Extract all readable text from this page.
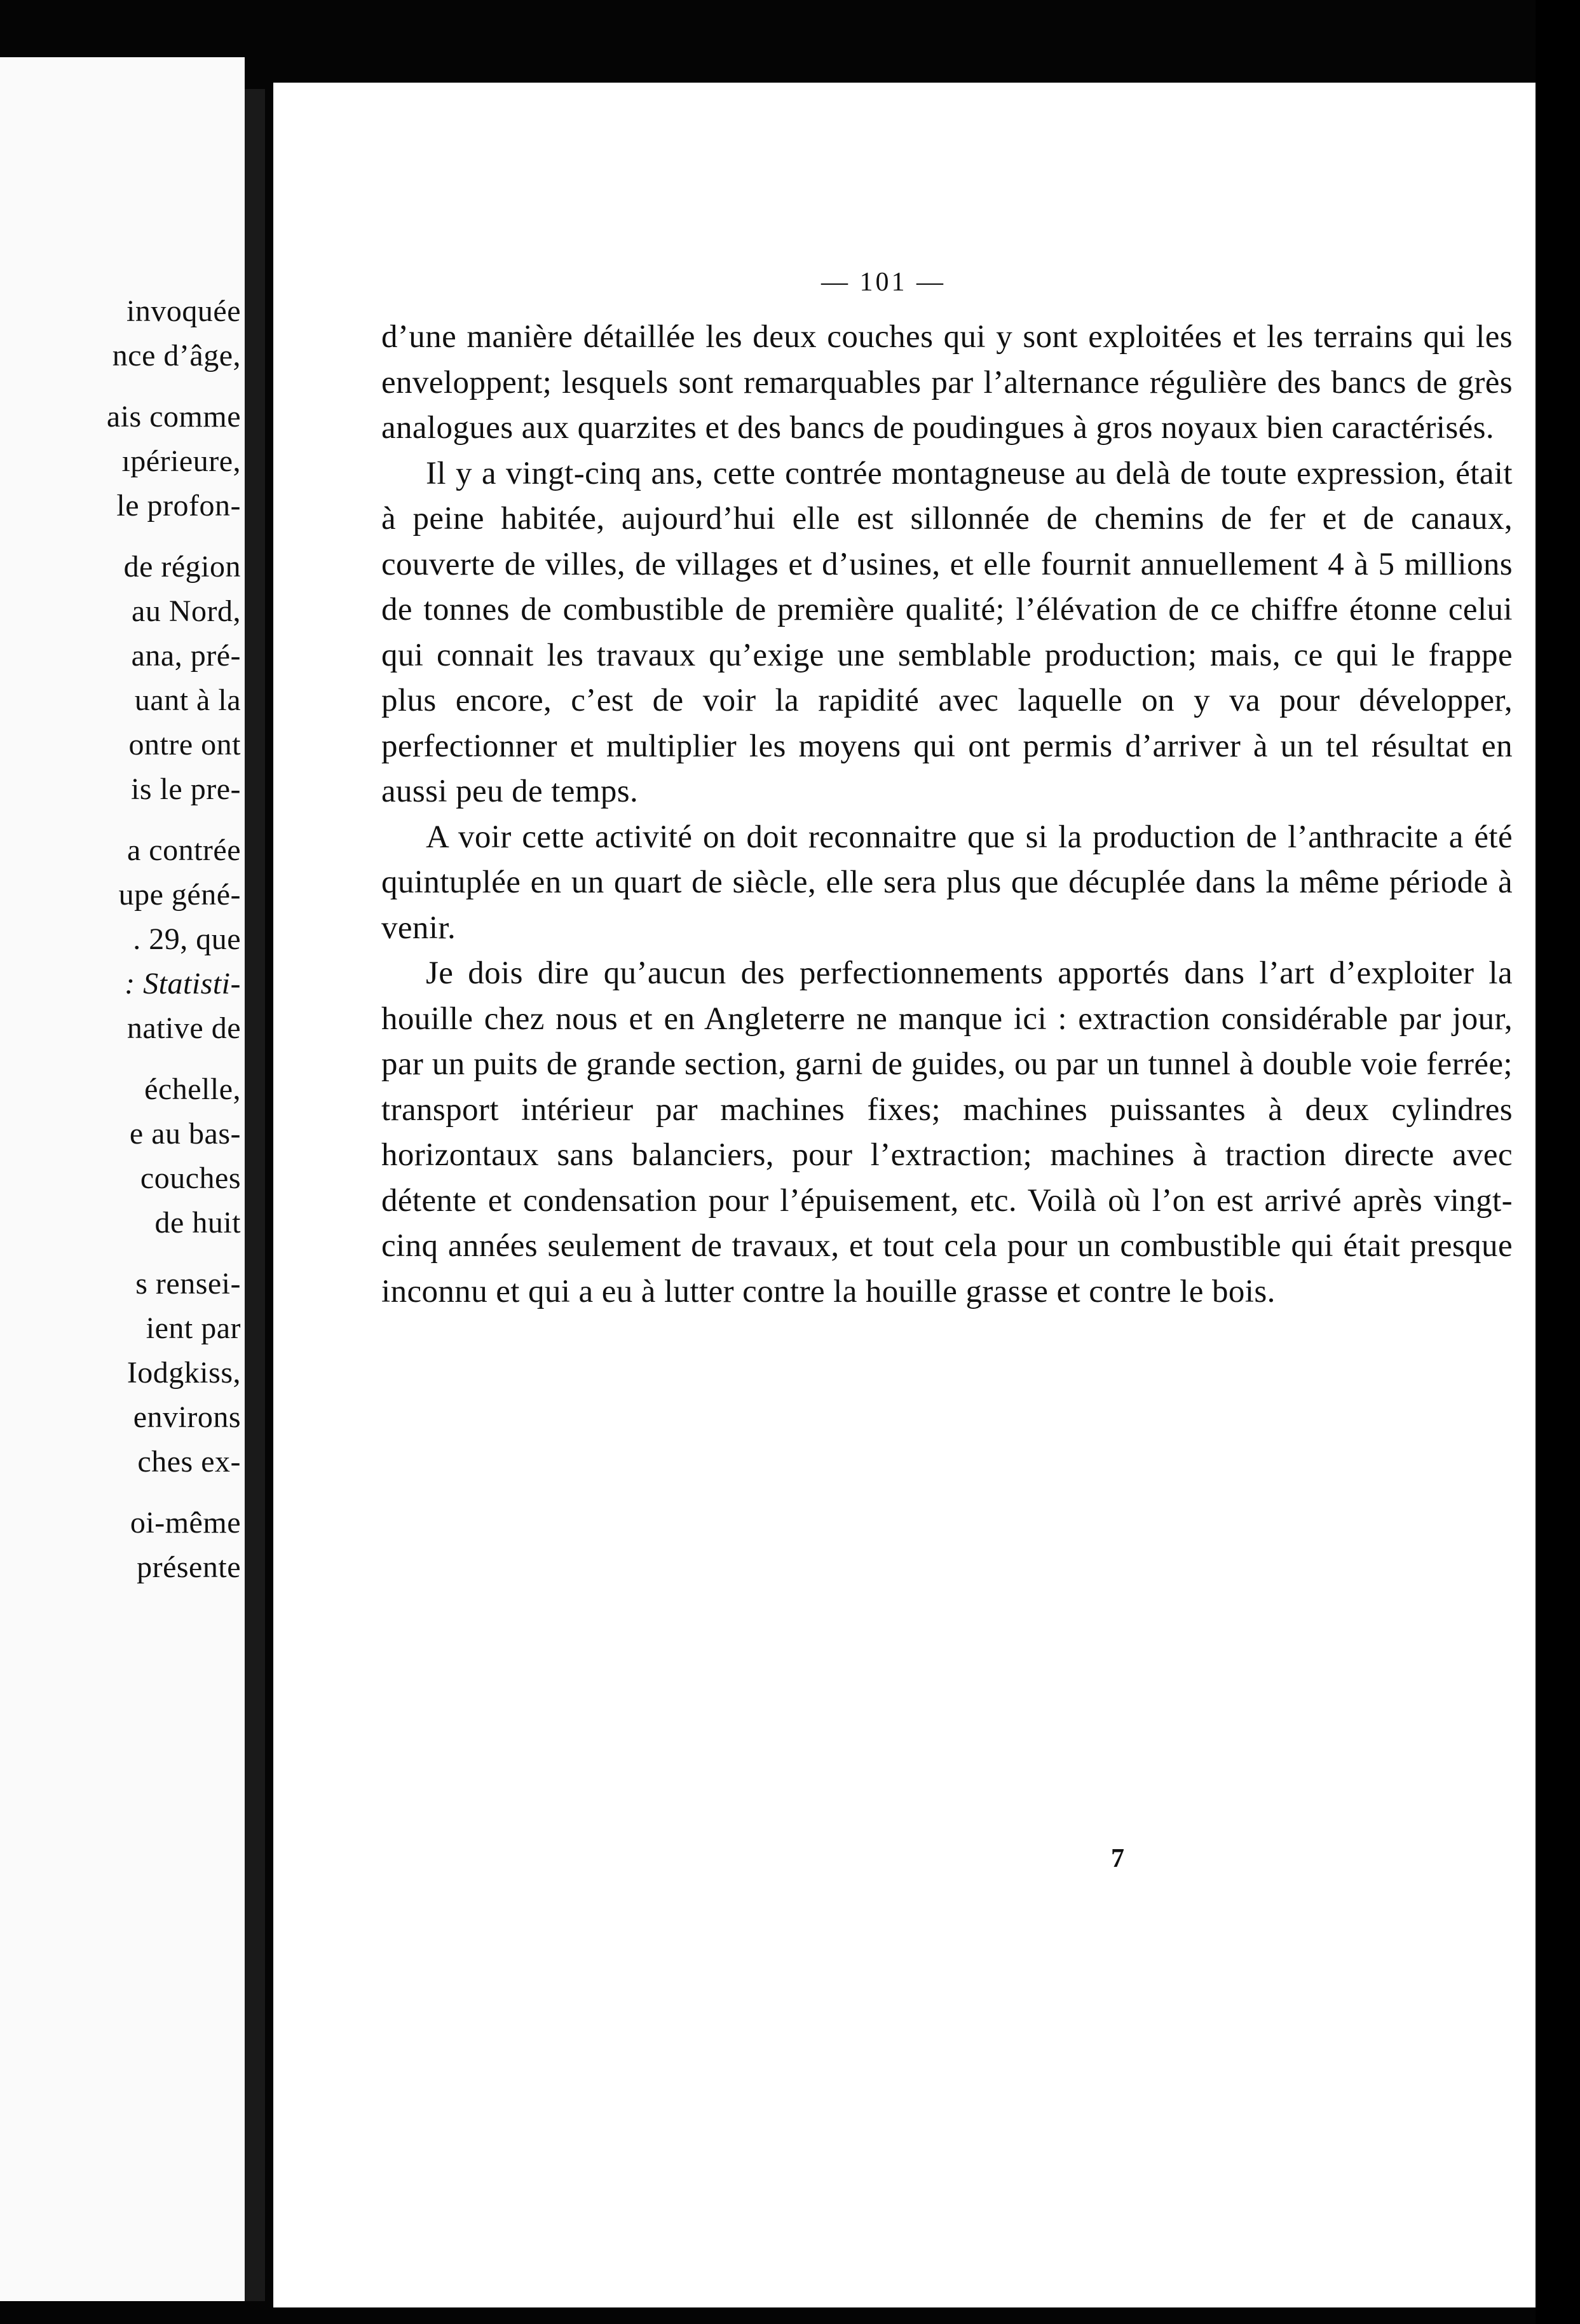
invoquée
nce d’âge,
ais comme
ıpérieure,
le profon-
de région
au Nord,
ana, pré-
uant à la
ontre ont
is le pre-
a contrée
upe géné-
. 29, que
: Statisti-
native de
échelle,
e au bas-
couches
de huit
s rensei-
ient par
Iodgkiss,
environs
ches ex-
oi-même
présente
— 101 —

d’une manière détaillée les deux couches qui y sont exploitées et les terrains qui les enveloppent; lesquels sont remarquables par l’alternance régulière des bancs de grès analogues aux quarzites et des bancs de poudingues à gros noyaux bien caractérisés.

Il y a vingt-cinq ans, cette contrée montagneuse au delà de toute expression, était à peine habitée, aujourd’hui elle est sillonnée de chemins de fer et de canaux, couverte de villes, de villages et d’usines, et elle fournit annuellement 4 à 5 millions de tonnes de combustible de première qualité; l’élévation de ce chiffre étonne celui qui connait les travaux qu’exige une semblable production; mais, ce qui le frappe plus encore, c’est de voir la rapidité avec laquelle on y va pour développer, perfectionner et multiplier les moyens qui ont permis d’arriver à un tel résultat en aussi peu de temps.

A voir cette activité on doit reconnaitre que si la production de l’anthracite a été quintuplée en un quart de siècle, elle sera plus que décuplée dans la même période à venir.

Je dois dire qu’aucun des perfectionnements apportés dans l’art d’exploiter la houille chez nous et en Angleterre ne manque ici : extraction considérable par jour, par un puits de grande section, garni de guides, ou par un tunnel à double voie ferrée; transport intérieur par machines fixes; machines puissantes à deux cylindres horizontaux sans balanciers, pour l’extraction; machines à traction directe avec détente et condensation pour l’épuisement, etc. Voilà où l’on est arrivé après vingt-cinq années seulement de travaux, et tout cela pour un combustible qui était presque inconnu et qui a eu à lutter contre la houille grasse et contre le bois.

7
